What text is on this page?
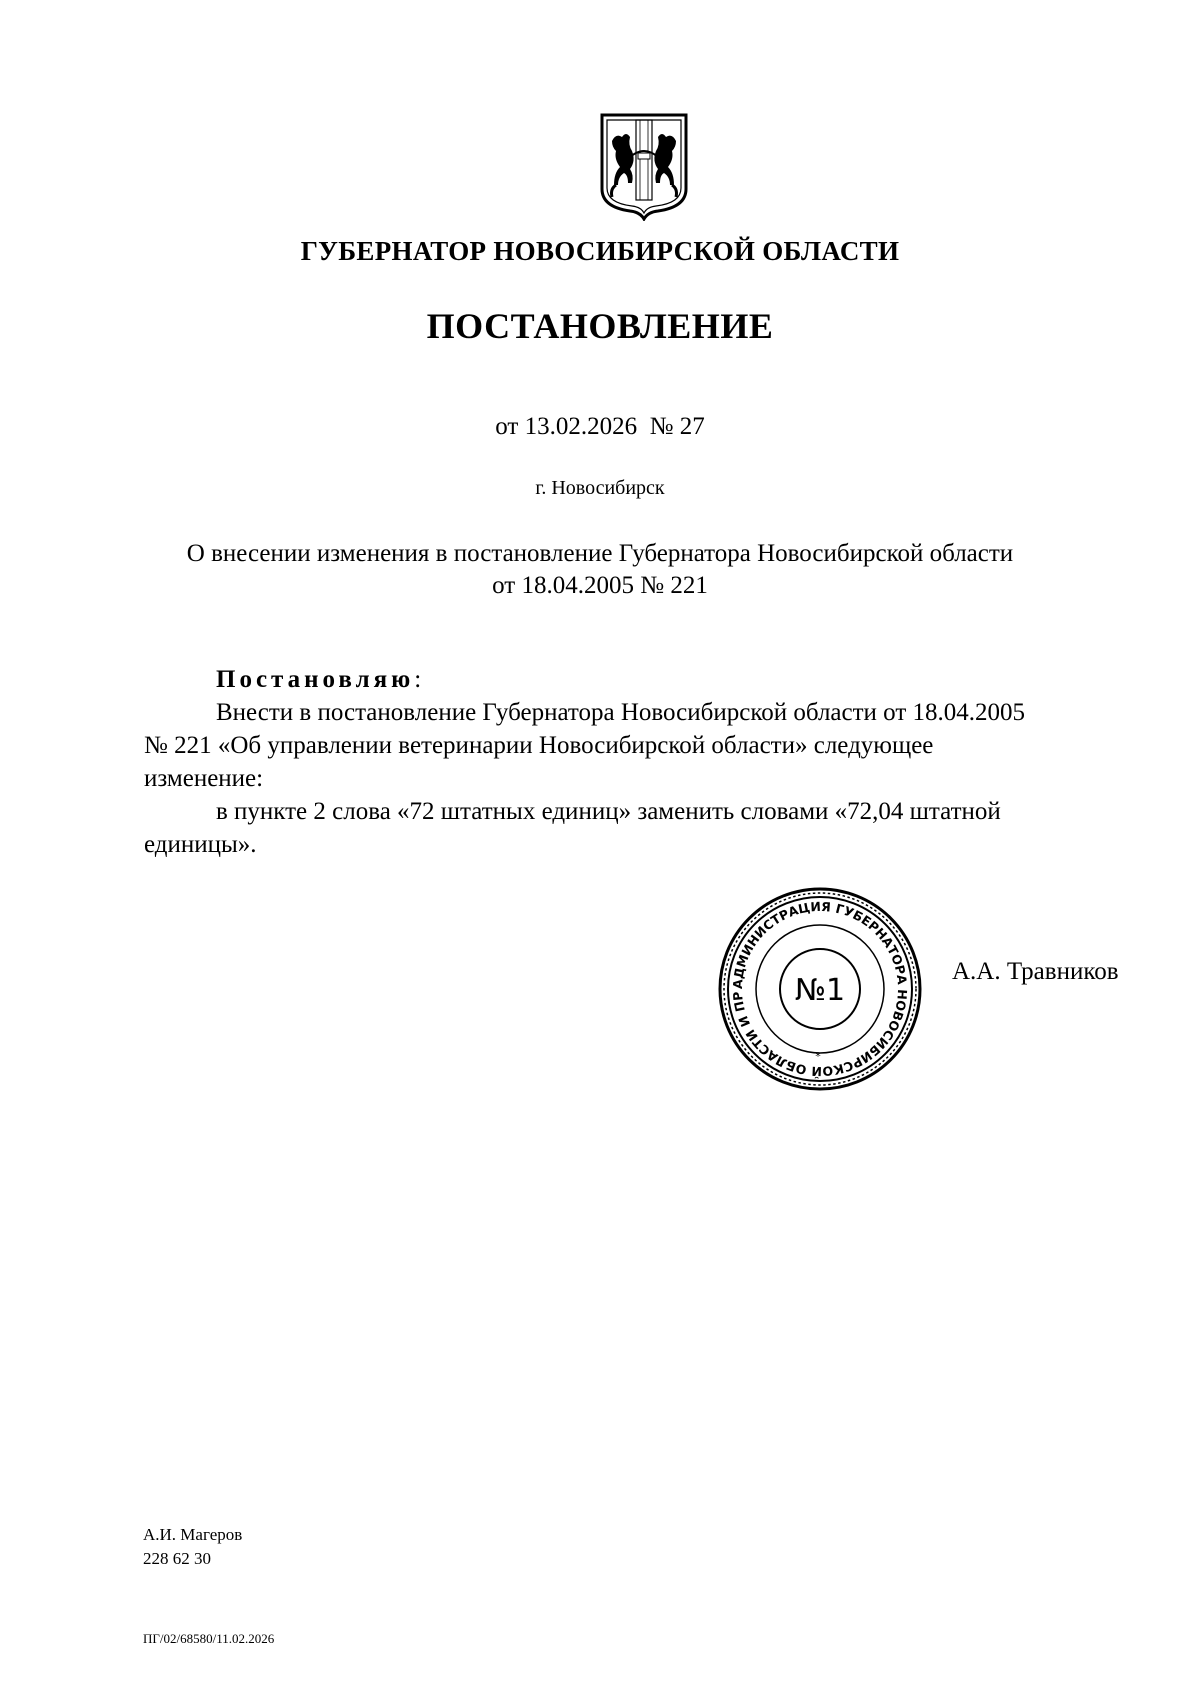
ГУБЕРНАТОР НОВОСИБИРСКОЙ ОБЛАСТИ
ПОСТАНОВЛЕНИЕ
от 13.02.2026  № 27
г. Новосибирск
О внесении изменения в постановление Губернатора Новосибирской области
от 18.04.2005 № 221

Постановляю:

Внести в постановление Губернатора Новосибирской области от 18.04.2005

№ 221 «Об управлении ветеринарии Новосибирской области» следующее

изменение:

в пункте 2 слова «72 штатных единиц» заменить словами «72,04 штатной

единицы».

АДМИНИСТРАЦИЯ ГУБЕРНАТОРА НОВОСИБИРСКОЙ ОБЛАСТИ И ПР	№1
*
А.А. Травников
А.И. Магеров
228 62 30
ПГ/02/68580/11.02.2026
